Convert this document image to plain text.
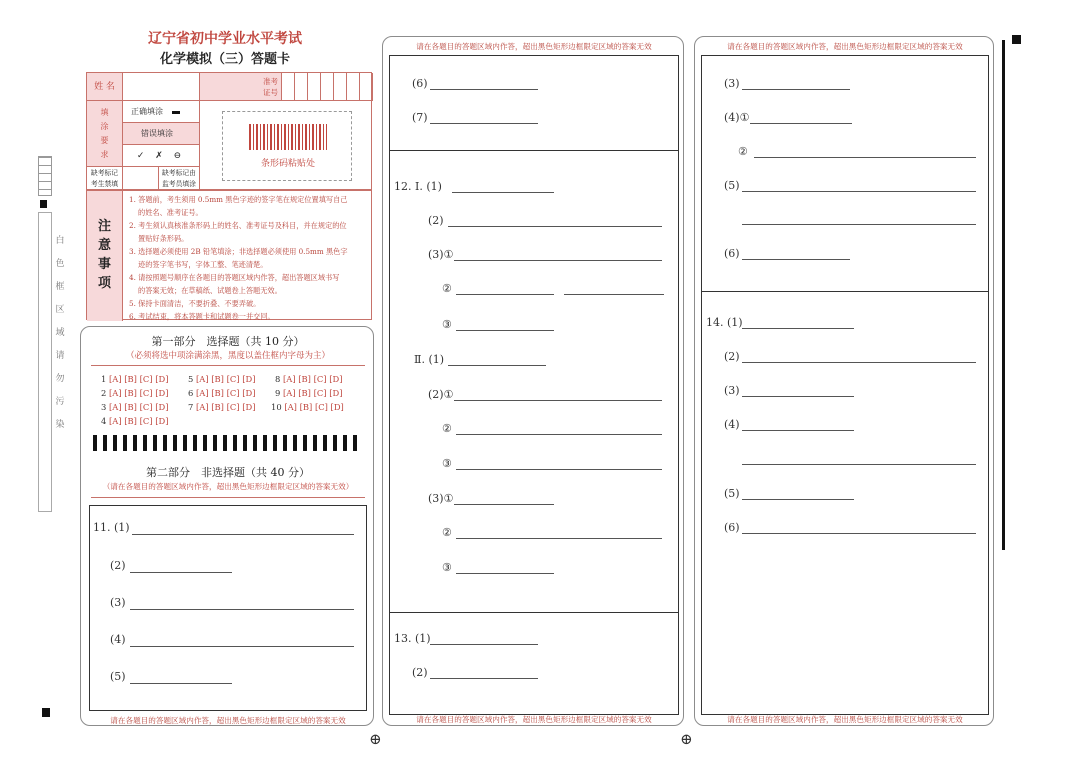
辽宁省初中学业水平考试
化学模拟（三）答题卡
姓 名
准考
证号
填
涂
要
求
正确填涂
错误填涂
✓ ✗ ⊖
条形码粘贴处
缺考标记
考生禁填
缺考标记由
监考员填涂
注
意
事
项
1. 答题前，考生须用 0.5mm 黑色字迹的签字笔在规定位置填写自己
的姓名、准考证号。
2. 考生须认真核准条形码上的姓名、准考证号及科目，并在规定的位
置贴好条形码。
3. 选择题必须使用 2B 铅笔填涂；非选择题必须使用 0.5mm 黑色字
迹的签字笔书写，字体工整、笔迹清楚。
4. 请按照题号顺序在各题目的答题区域内作答，超出答题区域书写
的答案无效；在草稿纸、试题卷上答题无效。
5. 保持卡面清洁，不要折叠、不要弄破。
6. 考试结束，将本答题卡和试题卷一并交回。
第一部分　选择题（共 10 分）
（必须将选中项涂满涂黑，黑度以盖住框内字母为主）
1 [A] [B] [C] [D]
2 [A] [B] [C] [D]
3 [A] [B] [C] [D]
4 [A] [B] [C] [D]
5 [A] [B] [C] [D]
6 [A] [B] [C] [D]
7 [A] [B] [C] [D]
8 [A] [B] [C] [D]
9 [A] [B] [C] [D]
10 [A] [B] [C] [D]
第二部分　非选择题（共 40 分）
（请在各题目的答题区域内作答，超出黑色矩形边框限定区域的答案无效）
11. (1)
(2)
(3)
(4)
(5)
请在各题目的答题区域内作答，超出黑色矩形边框限定区域的答案无效
白
色
框
区
域
请
勿
污
染
请在各题目的答题区域内作答，超出黑色矩形边框限定区域的答案无效
(6)
(7)
12. Ⅰ. (1)
(2)
(3)①
②
③
Ⅱ. (1)
(2)①
②
③
(3)①
②
③
13. (1)
(2)
请在各题目的答题区域内作答，超出黑色矩形边框限定区域的答案无效
请在各题目的答题区域内作答，超出黑色矩形边框限定区域的答案无效
(3)
(4)①
②
(5)
(6)
14. (1)
(2)
(3)
(4)
(5)
(6)
请在各题目的答题区域内作答，超出黑色矩形边框限定区域的答案无效
⊕	⊕
